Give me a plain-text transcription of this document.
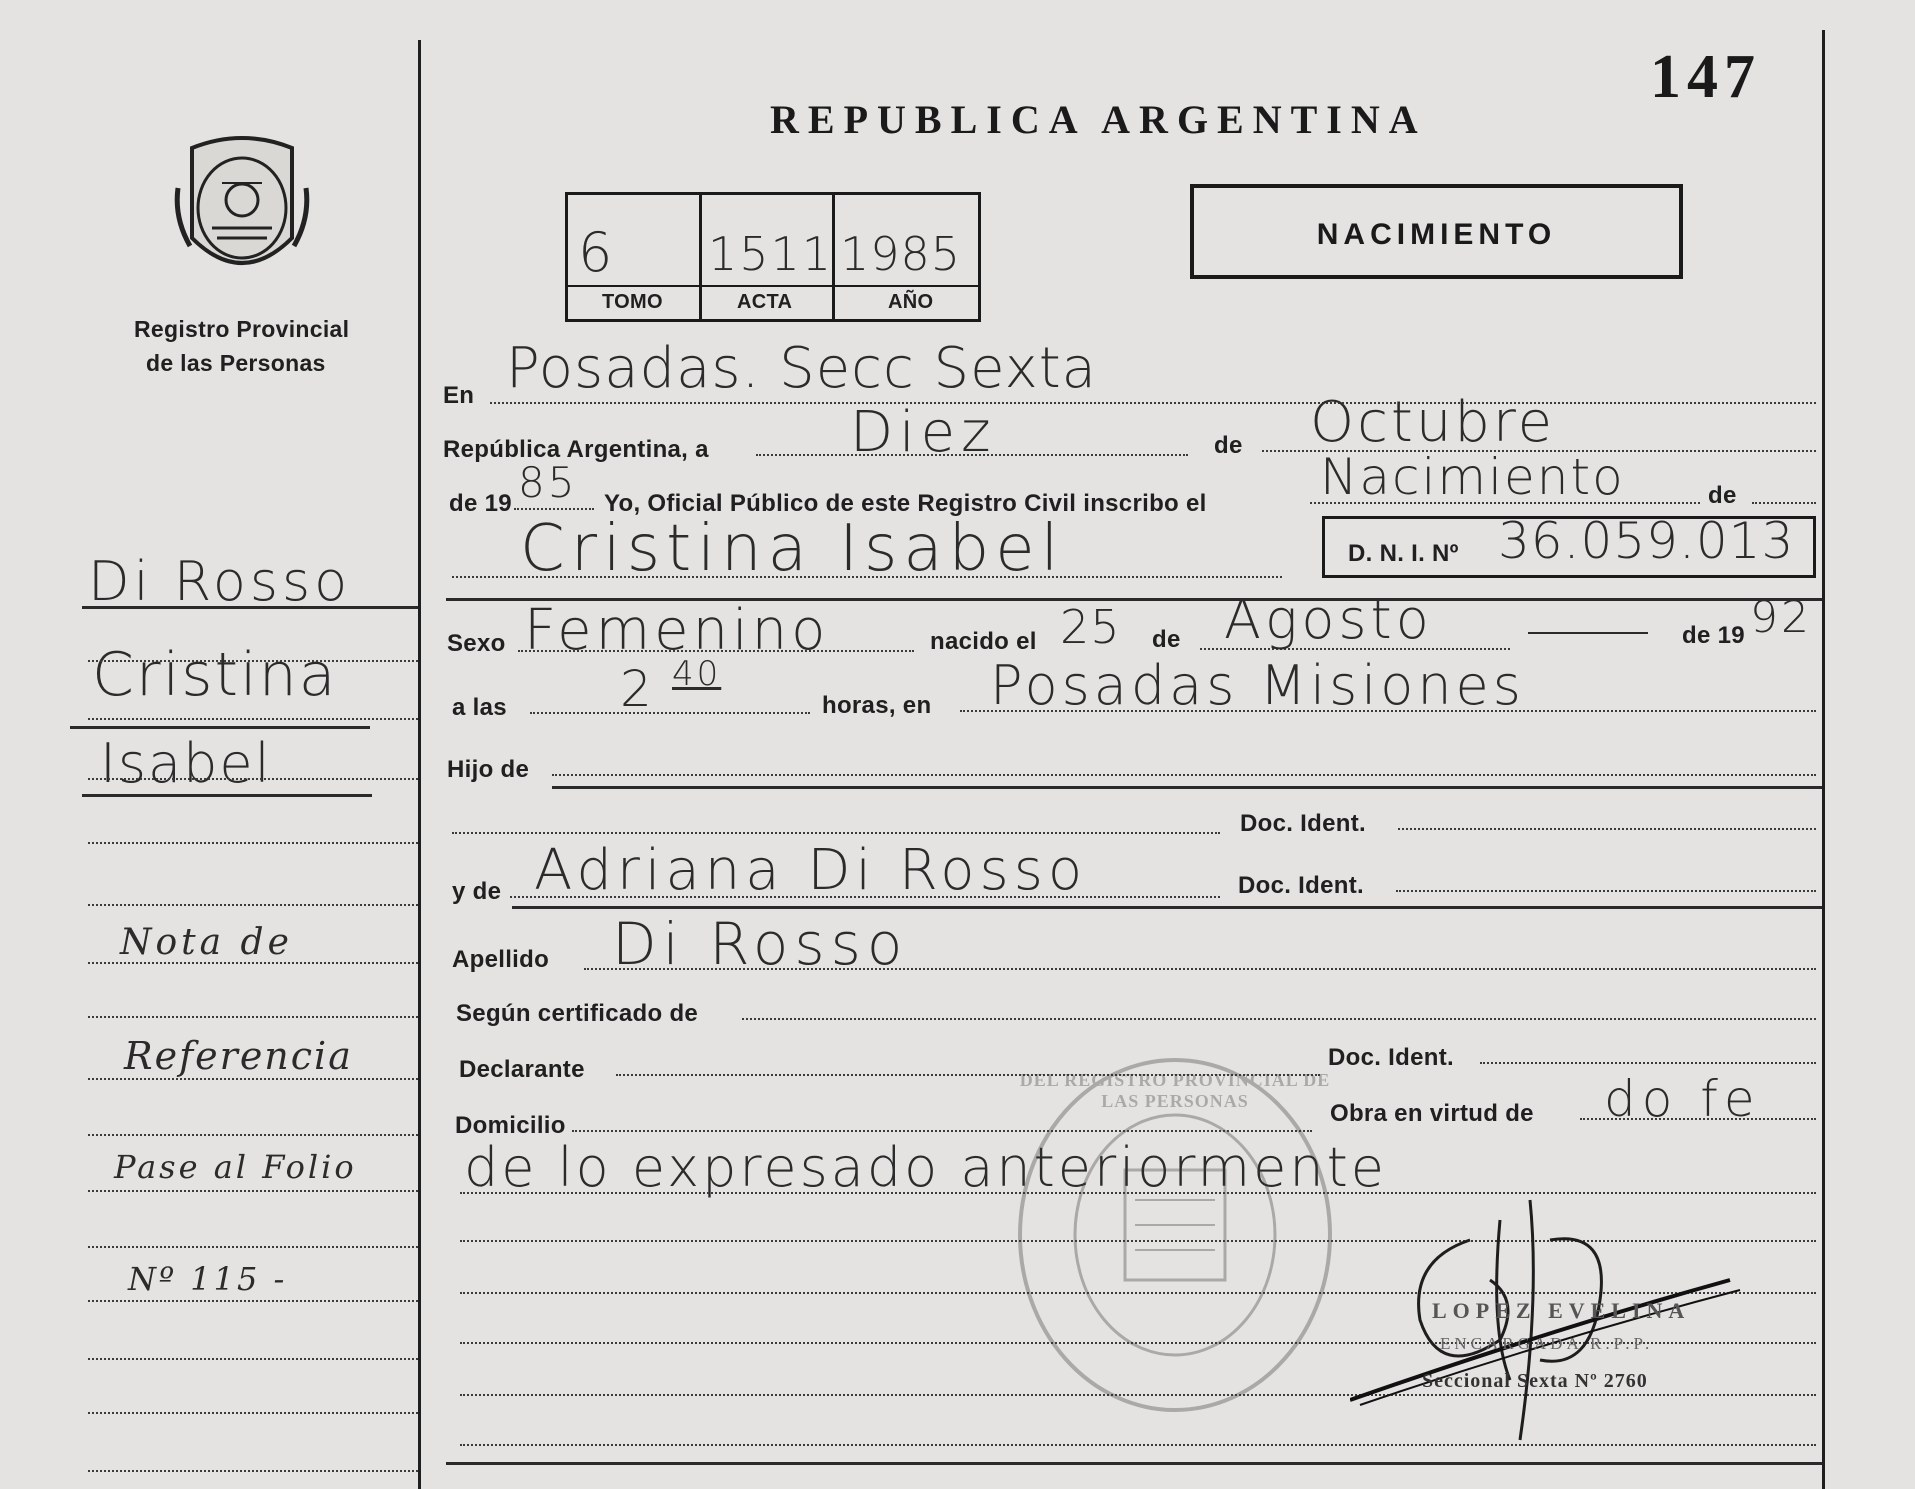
147
REPUBLICA ARGENTINA
NACIMIENTO
Registro Provincial
de las Personas
6 1511 1985
TOMO	ACTA	AÑO
Di Rosso
Cristina
Isabel
Nota de
Referencia
Pase al Folio
Nº 115 -
En Posadas. Secc Sexta
República Argentina, a	Diez	de Octubre
de 19 85 Yo, Oficial Público de este Registro Civil inscribo el Nacimiento	de
Cristina Isabel	D. N. I. Nº 36.059.013
Sexo Femenino	nacido el 25 de Agosto	de 19 92
a las 2 40
horas, en Posadas Misiones
Hijo de
Doc. Ident.
y de Adriana Di Rosso	Doc. Ident.
Apellido Di Rosso
Según certificado de
Declarante	Doc. Ident.
Domicilio	Obra en virtud de do fe
de lo expresado anteriormente
DEL REGISTRO PROVINCIAL DE LAS PERSONAS
LOPEZ EVELINA
ENCARGADA R.P.P.
Seccional Sexta Nº 2760
